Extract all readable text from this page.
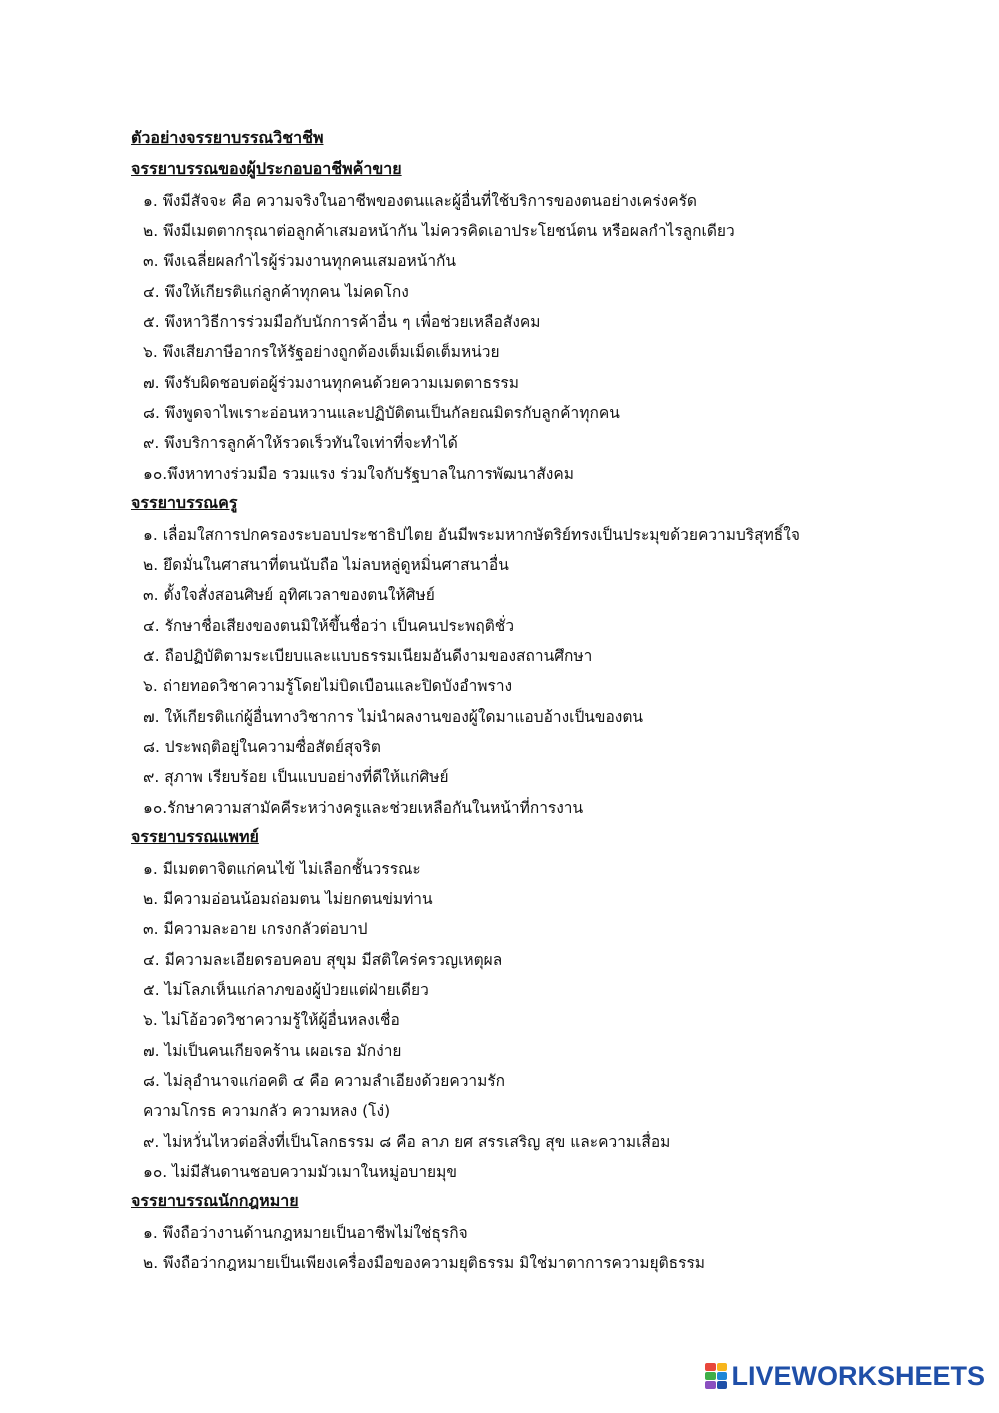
ตัวอย่างจรรยาบรรณวิชาชีพ
จรรยาบรรณของผู้ประกอบอาชีพค้าขาย
๑. พึงมีสัจจะ คือ ความจริงในอาชีพของตนและผู้อื่นที่ใช้บริการของตนอย่างเคร่งครัด
๒. พึงมีเมตตากรุณาต่อลูกค้าเสมอหน้ากัน ไม่ควรคิดเอาประโยชน์ตน หรือผลกำไรลูกเดียว
๓. พึงเฉลี่ยผลกำไรผู้ร่วมงานทุกคนเสมอหน้ากัน
๔. พึงให้เกียรติแก่ลูกค้าทุกคน ไม่คดโกง
๕. พึงหาวิธีการร่วมมือกับนักการค้าอื่น ๆ เพื่อช่วยเหลือสังคม
๖. พึงเสียภาษีอากรให้รัฐอย่างถูกต้องเต็มเม็ดเต็มหน่วย
๗. พึงรับผิดชอบต่อผู้ร่วมงานทุกคนด้วยความเมตตาธรรม
๘. พึงพูดจาไพเราะอ่อนหวานและปฏิบัติตนเป็นกัลยณมิตรกับลูกค้าทุกคน
๙. พึงบริการลูกค้าให้รวดเร็วทันใจเท่าที่จะทำได้
๑๐.พึงหาทางร่วมมือ รวมแรง ร่วมใจกับรัฐบาลในการพัฒนาสังคม
จรรยาบรรณครู
๑. เลื่อมใสการปกครองระบอบประชาธิปไตย อันมีพระมหากษัตริย์ทรงเป็นประมุขด้วยความบริสุทธิ์ใจ
๒. ยึดมั่นในศาสนาที่ตนนับถือ ไม่ลบหลู่ดูหมิ่นศาสนาอื่น
๓. ตั้งใจสั่งสอนศิษย์ อุทิศเวลาของตนให้ศิษย์
๔. รักษาชื่อเสียงของตนมิให้ขึ้นชื่อว่า เป็นคนประพฤติชั่ว
๕. ถือปฏิบัติตามระเบียบและแบบธรรมเนียมอันดีงามของสถานศึกษา
๖. ถ่ายทอดวิชาความรู้โดยไม่บิดเบือนและปิดบังอำพราง
๗. ให้เกียรติแก่ผู้อื่นทางวิชาการ ไม่นำผลงานของผู้ใดมาแอบอ้างเป็นของตน
๘. ประพฤติอยู่ในความซื่อสัตย์สุจริต
๙. สุภาพ เรียบร้อย เป็นแบบอย่างที่ดีให้แก่ศิษย์
๑๐.รักษาความสามัคคีระหว่างครูและช่วยเหลือกันในหน้าที่การงาน
จรรยาบรรณแพทย์
๑. มีเมตตาจิตแก่คนไข้ ไม่เลือกชั้นวรรณะ
๒. มีความอ่อนน้อมถ่อมตน ไม่ยกตนข่มท่าน
๓. มีความละอาย เกรงกลัวต่อบาป
๔. มีความละเอียดรอบคอบ สุขุม มีสติใคร่ครวญเหตุผล
๕. ไม่โลภเห็นแก่ลาภของผู้ป่วยแต่ฝ่ายเดียว
๖. ไม่โอ้อวดวิชาความรู้ให้ผู้อื่นหลงเชื่อ
๗. ไม่เป็นคนเกียจคร้าน เผอเรอ มักง่าย
๘. ไม่ลุอำนาจแก่อคติ ๔ คือ ความลำเอียงด้วยความรัก
ความโกรธ ความกลัว ความหลง (โง่)
๙. ไม่หวั่นไหวต่อสิ่งที่เป็นโลกธรรม ๘ คือ ลาภ ยศ สรรเสริญ สุข และความเสื่อม
๑๐. ไม่มีสันดานชอบความมัวเมาในหมู่อบายมุข
จรรยาบรรณนักกฎหมาย
๑. พึงถือว่างานด้านกฎหมายเป็นอาชีพไม่ใช่ธุรกิจ
๒. พึงถือว่ากฎหมายเป็นเพียงเครื่องมือของความยุติธรรม มิใช่มาตาการความยุติธรรม
LIVEWORKSHEETS
